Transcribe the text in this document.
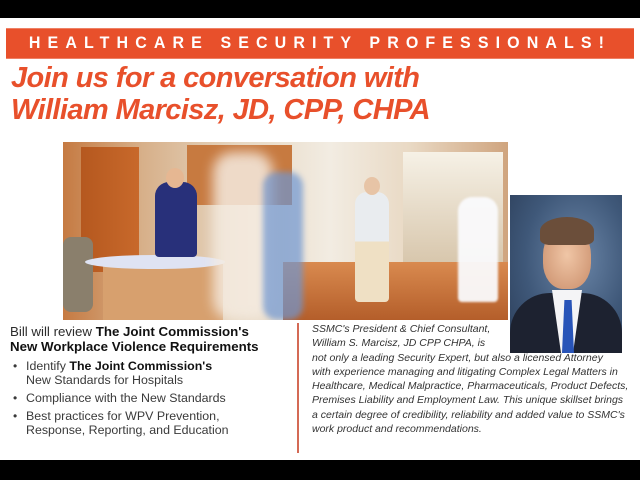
HEALTHCARE SECURITY PROFESSIONALS!
Join us for a conversation with
William Marcisz, JD, CPP, CHPA
Bill will review The Joint Commission's
New Workplace Violence Requirements
• Identify The Joint Commission's
New Standards for Hospitals
• Compliance with the New Standards
• Best practices for WPV Prevention,
Response, Reporting, and Education
SSMC's President & Chief Consultant,
William S. Marcisz, JD CPP CHPA, is
not only a leading Security Expert, but also a licensed Attorney
with experience managing and litigating Complex Legal Matters in
Healthcare, Medical Malpractice, Pharmaceuticals, Product Defects,
Premises Liability and Employment Law. This unique skillset brings
a certain degree of credibility, reliability and added value to SSMC's
work product and recommendations.
